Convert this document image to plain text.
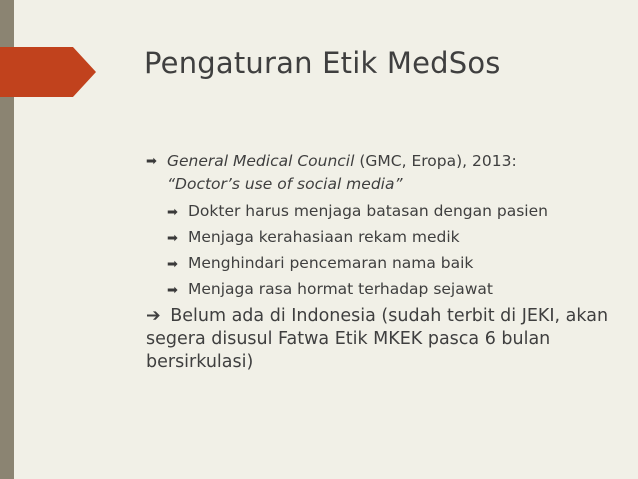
Pengaturan Etik MedSos
➡ General Medical Council (GMC, Eropa), 2013:
“Doctor’s use of social media”
➡ Dokter harus menjaga batasan dengan pasien
➡ Menjaga kerahasiaan rekam medik
➡ Menghindari pencemaran nama baik
➡ Menjaga rasa hormat terhadap sejawat
➔ Belum ada di Indonesia (sudah terbit di JEKI, akan segera disusul Fatwa Etik MKEK pasca 6 bulan bersirkulasi)
